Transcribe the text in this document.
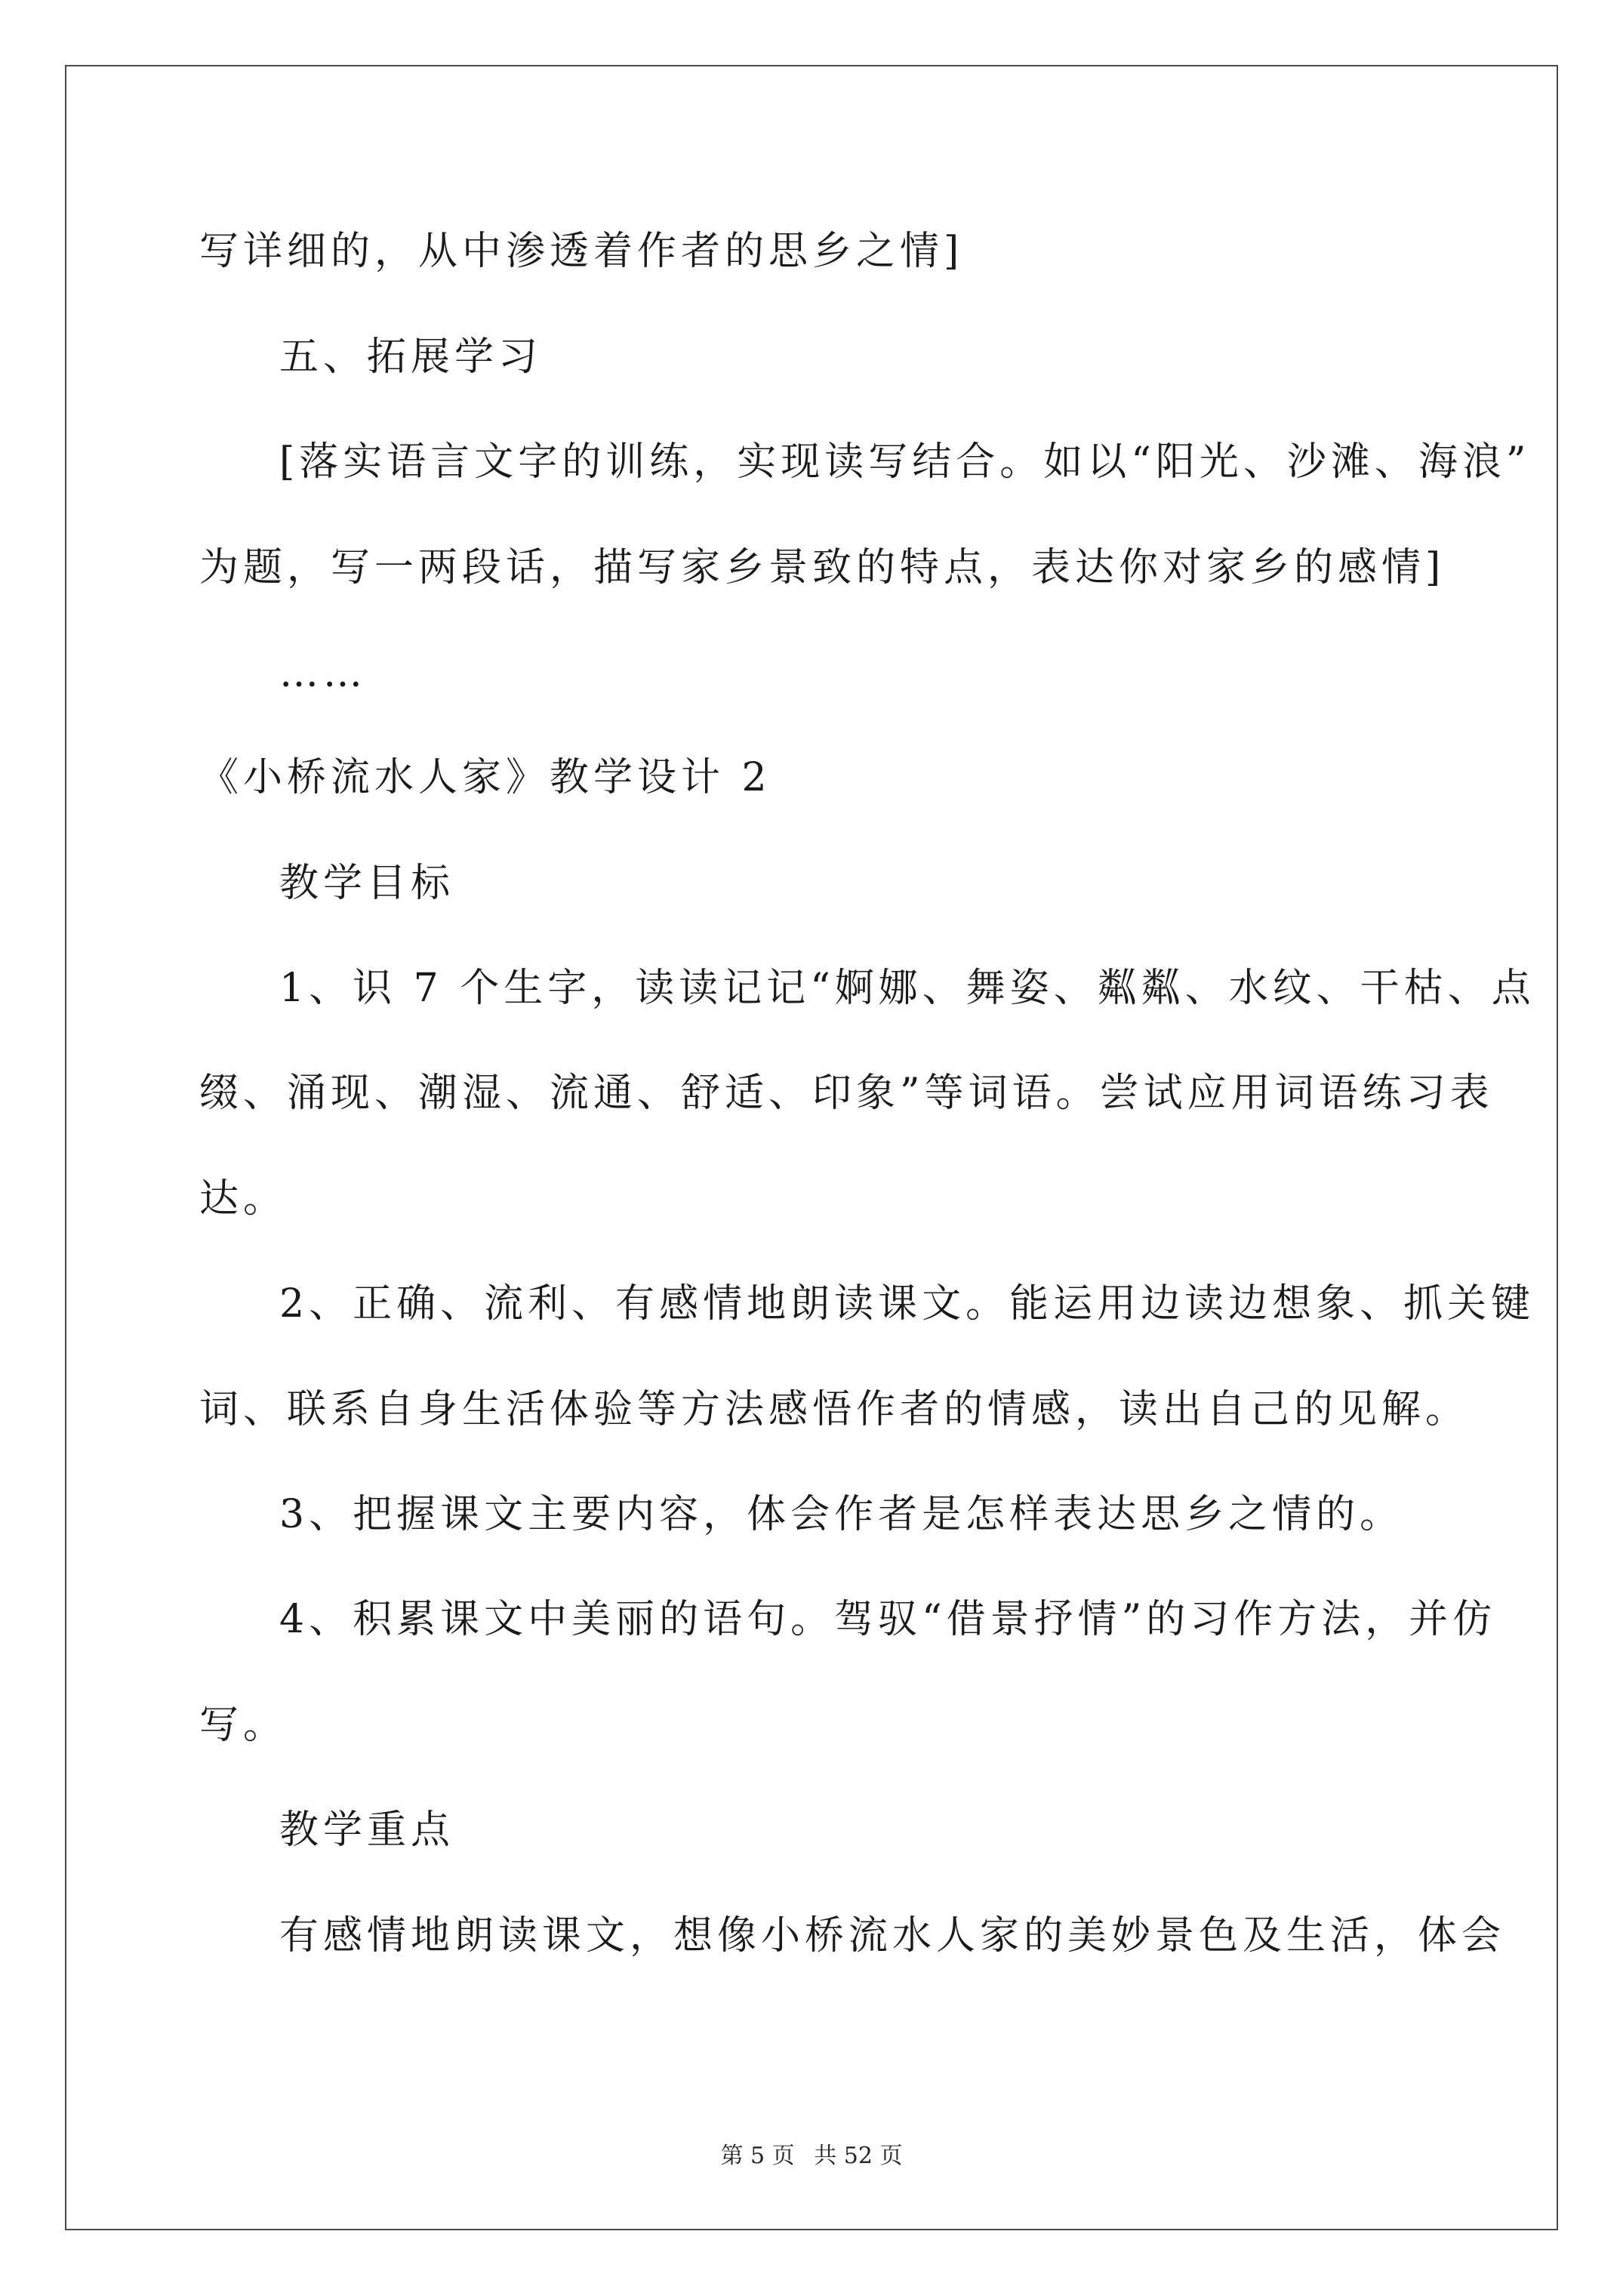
写详细的，从中渗透着作者的思乡之情]
五、拓展学习
[落实语言文字的训练，实现读写结合。如以“阳光、沙滩、海浪”
为题，写一两段话，描写家乡景致的特点，表达你对家乡的感情]
……
《小桥流水人家》教学设计 2
教学目标
1、识 7 个生字，读读记记“婀娜、舞姿、粼粼、水纹、干枯、点
缀、涌现、潮湿、流通、舒适、印象”等词语。尝试应用词语练习表
达。
2、正确、流利、有感情地朗读课文。能运用边读边想象、抓关键
词、联系自身生活体验等方法感悟作者的情感，读出自己的见解。
3、把握课文主要内容，体会作者是怎样表达思乡之情的。
4、积累课文中美丽的语句。驾驭“借景抒情”的习作方法，并仿
写。
教学重点
有感情地朗读课文，想像小桥流水人家的美妙景色及生活，体会
第 5 页 共 52 页
